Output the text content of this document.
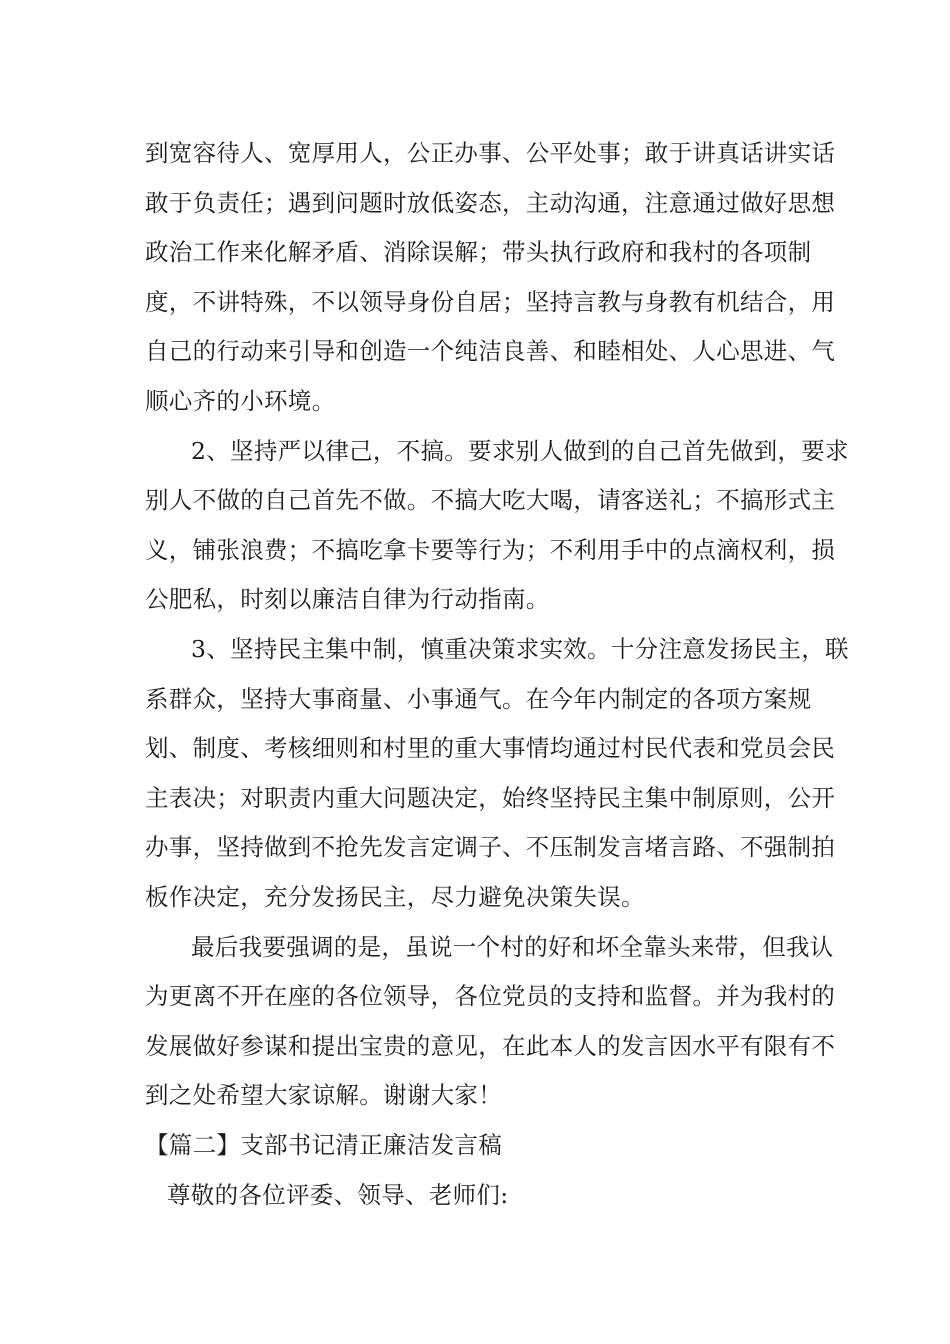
到宽容待人、宽厚用人，公正办事、公平处事；敢于讲真话讲实话
敢于负责任；遇到问题时放低姿态，主动沟通，注意通过做好思想
政治工作来化解矛盾、消除误解；带头执行政府和我村的各项制
度，不讲特殊，不以领导身份自居；坚持言教与身教有机结合，用
自己的行动来引导和创造一个纯洁良善、和睦相处、人心思进、气
顺心齐的小环境。
2、坚持严以律己，不搞。要求别人做到的自己首先做到，要求
别人不做的自己首先不做。不搞大吃大喝，请客送礼；不搞形式主
义，铺张浪费；不搞吃拿卡要等行为；不利用手中的点滴权利，损
公肥私，时刻以廉洁自律为行动指南。
3、坚持民主集中制，慎重决策求实效。十分注意发扬民主，联
系群众，坚持大事商量、小事通气。在今年内制定的各项方案规
划、制度、考核细则和村里的重大事情均通过村民代表和党员会民
主表决；对职责内重大问题决定，始终坚持民主集中制原则，公开
办事，坚持做到不抢先发言定调子、不压制发言堵言路、不强制拍
板作决定，充分发扬民主，尽力避免决策失误。
最后我要强调的是，虽说一个村的好和坏全靠头来带，但我认
为更离不开在座的各位领导，各位党员的支持和监督。并为我村的
发展做好参谋和提出宝贵的意见，在此本人的发言因水平有限有不
到之处希望大家谅解。谢谢大家！
【篇二】支部书记清正廉洁发言稿
尊敬的各位评委、领导、老师们:
